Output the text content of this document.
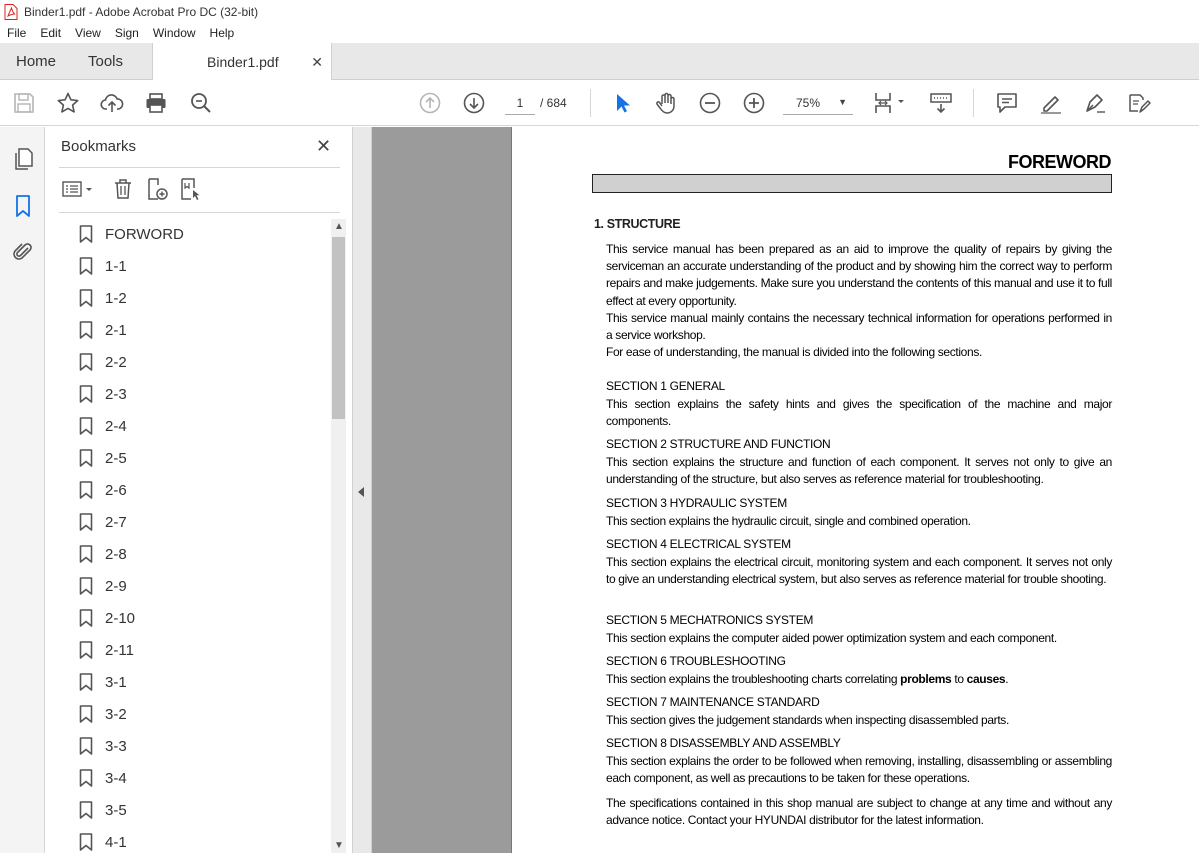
Binder1.pdf - Adobe Acrobat Pro DC (32-bit)
File	Edit	View	Sign	Window	Help
Home Tools	Binder1.pdf ✕
1	/ 684	75% ▼
Bookmarks	✕
FORWORD
1-1
1-2
2-1
2-2
2-3
2-4
2-5
2-6
2-7
2-8
2-9
2-10
2-11
3-1
3-2
3-3
3-4
3-5
4-1
▲
▼
FOREWORD
1. STRUCTURE
This service manual has been prepared as an aid to improve the quality of repairs by giving the serviceman an accurate understanding of the product and by showing him the correct way to perform repairs and make judgements. Make sure you understand the contents of this manual and use it to full effect at every opportunity.
This service manual mainly contains the necessary technical information for operations performed in a service workshop.
For ease of understanding, the manual is divided into the following sections.
SECTION 1 GENERAL
This section explains the safety hints and gives the specification of the machine and major components.
SECTION 2 STRUCTURE AND FUNCTION
This section explains the structure and function of each component. It serves not only to give an understanding of the structure, but also serves as reference material for troubleshooting.
SECTION 3 HYDRAULIC SYSTEM
This section explains the hydraulic circuit, single and combined operation.
SECTION 4 ELECTRICAL SYSTEM
This section explains the electrical circuit, monitoring system and each component. It serves not only to give an understanding electrical system, but also serves as reference material for trouble shooting.
SECTION 5 MECHATRONICS SYSTEM
This section explains the computer aided power optimization system and each component.
SECTION 6 TROUBLESHOOTING
This section explains the troubleshooting charts correlating problems to causes.
SECTION 7 MAINTENANCE STANDARD
This section gives the judgement standards when inspecting disassembled parts.
SECTION 8 DISASSEMBLY AND ASSEMBLY
This section explains the order to be followed when removing, installing, disassembling or assembling each component, as well as precautions to be taken for these operations.
The specifications contained in this shop manual are subject to change at any time and without any advance notice. Contact your HYUNDAI distributor for the latest information.
